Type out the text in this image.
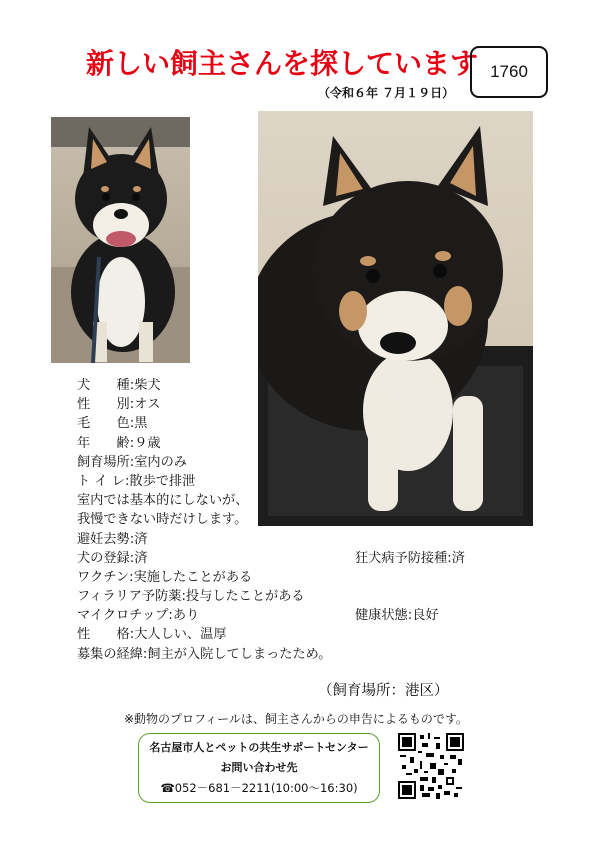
新しい飼主さんを探しています
（令和６年 ７月１９日）
1760
犬　　種:柴犬
性　　別:オス
毛　　色:黒
年　　齢:９歳
飼育場所:室内のみ
ト イ レ:散歩で排泄
室内では基本的にしないが、
我慢できない時だけします。
避妊去勢:済
犬の登録:済	狂犬病予防接種:済
ワクチン:実施したことがある
フィラリア予防薬:投与したことがある
マイクロチップ:あり	健康状態:良好
性　　格:大人しい、温厚
募集の経緯:飼主が入院してしまったため。
（飼育場所：港区）
※動物のプロフィールは、飼主さんからの申告によるものです。
名古屋市人とペットの共生サポートセンター
お問い合わせ先
☎052－681－2211(10:00～16:30)
